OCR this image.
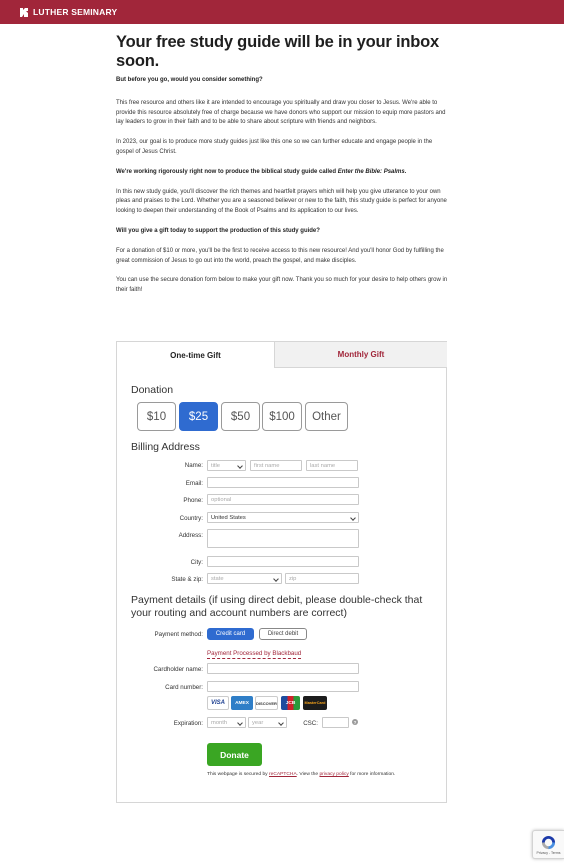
LUTHER SEMINARY
Your free study guide will be in your inbox soon.

But before you go, would you consider something?

This free resource and others like it are intended to encourage you spiritually and draw you closer to Jesus. We're able to provide this resource absolutely free of charge because we have donors who support our mission to equip more pastors and lay leaders to grow in their faith and to be able to share about scripture with friends and neighbors.

In 2023, our goal is to produce more study guides just like this one so we can further educate and engage people in the gospel of Jesus Christ.

We're working rigorously right now to produce the biblical study guide called Enter the Bible: Psalms.

In this new study guide, you'll discover the rich themes and heartfelt prayers which will help you give utterance to your own pleas and praises to the Lord. Whether you are a seasoned believer or new to the faith, this study guide is perfect for anyone looking to deepen their understanding of the Book of Psalms and its application to our lives.

Will you give a gift today to support the production of this study guide?

For a donation of $10 or more, you'll be the first to receive access to this new resource! And you'll honor God by fulfilling the great commission of Jesus to go out into the world, preach the gospel, and make disciples.

You can use the secure donation form below to make your gift now. Thank you so much for your desire to help others grow in their faith!

One-time Gift	Monthly Gift
Donation
$10	$25	$50	$100	Other
Billing Address
Name:	title	first name	last name
Email:
Phone:	optional
Country:	United States
Address:
City:
State & zip:	state	zip
Payment details (if using direct debit, please double-check that your routing and account numbers are correct)
Payment method:	Credit card	Direct debit
Payment Processed by Blackbaud
Cardholder name:
Card number:
VISA	AMEX	DISCOVER	JCB	MasterCard
Expiration:	month	year	CSC:	?
Donate
This webpage is secured by reCAPTCHA. View the privacy policy for more information.
Privacy - Terms
